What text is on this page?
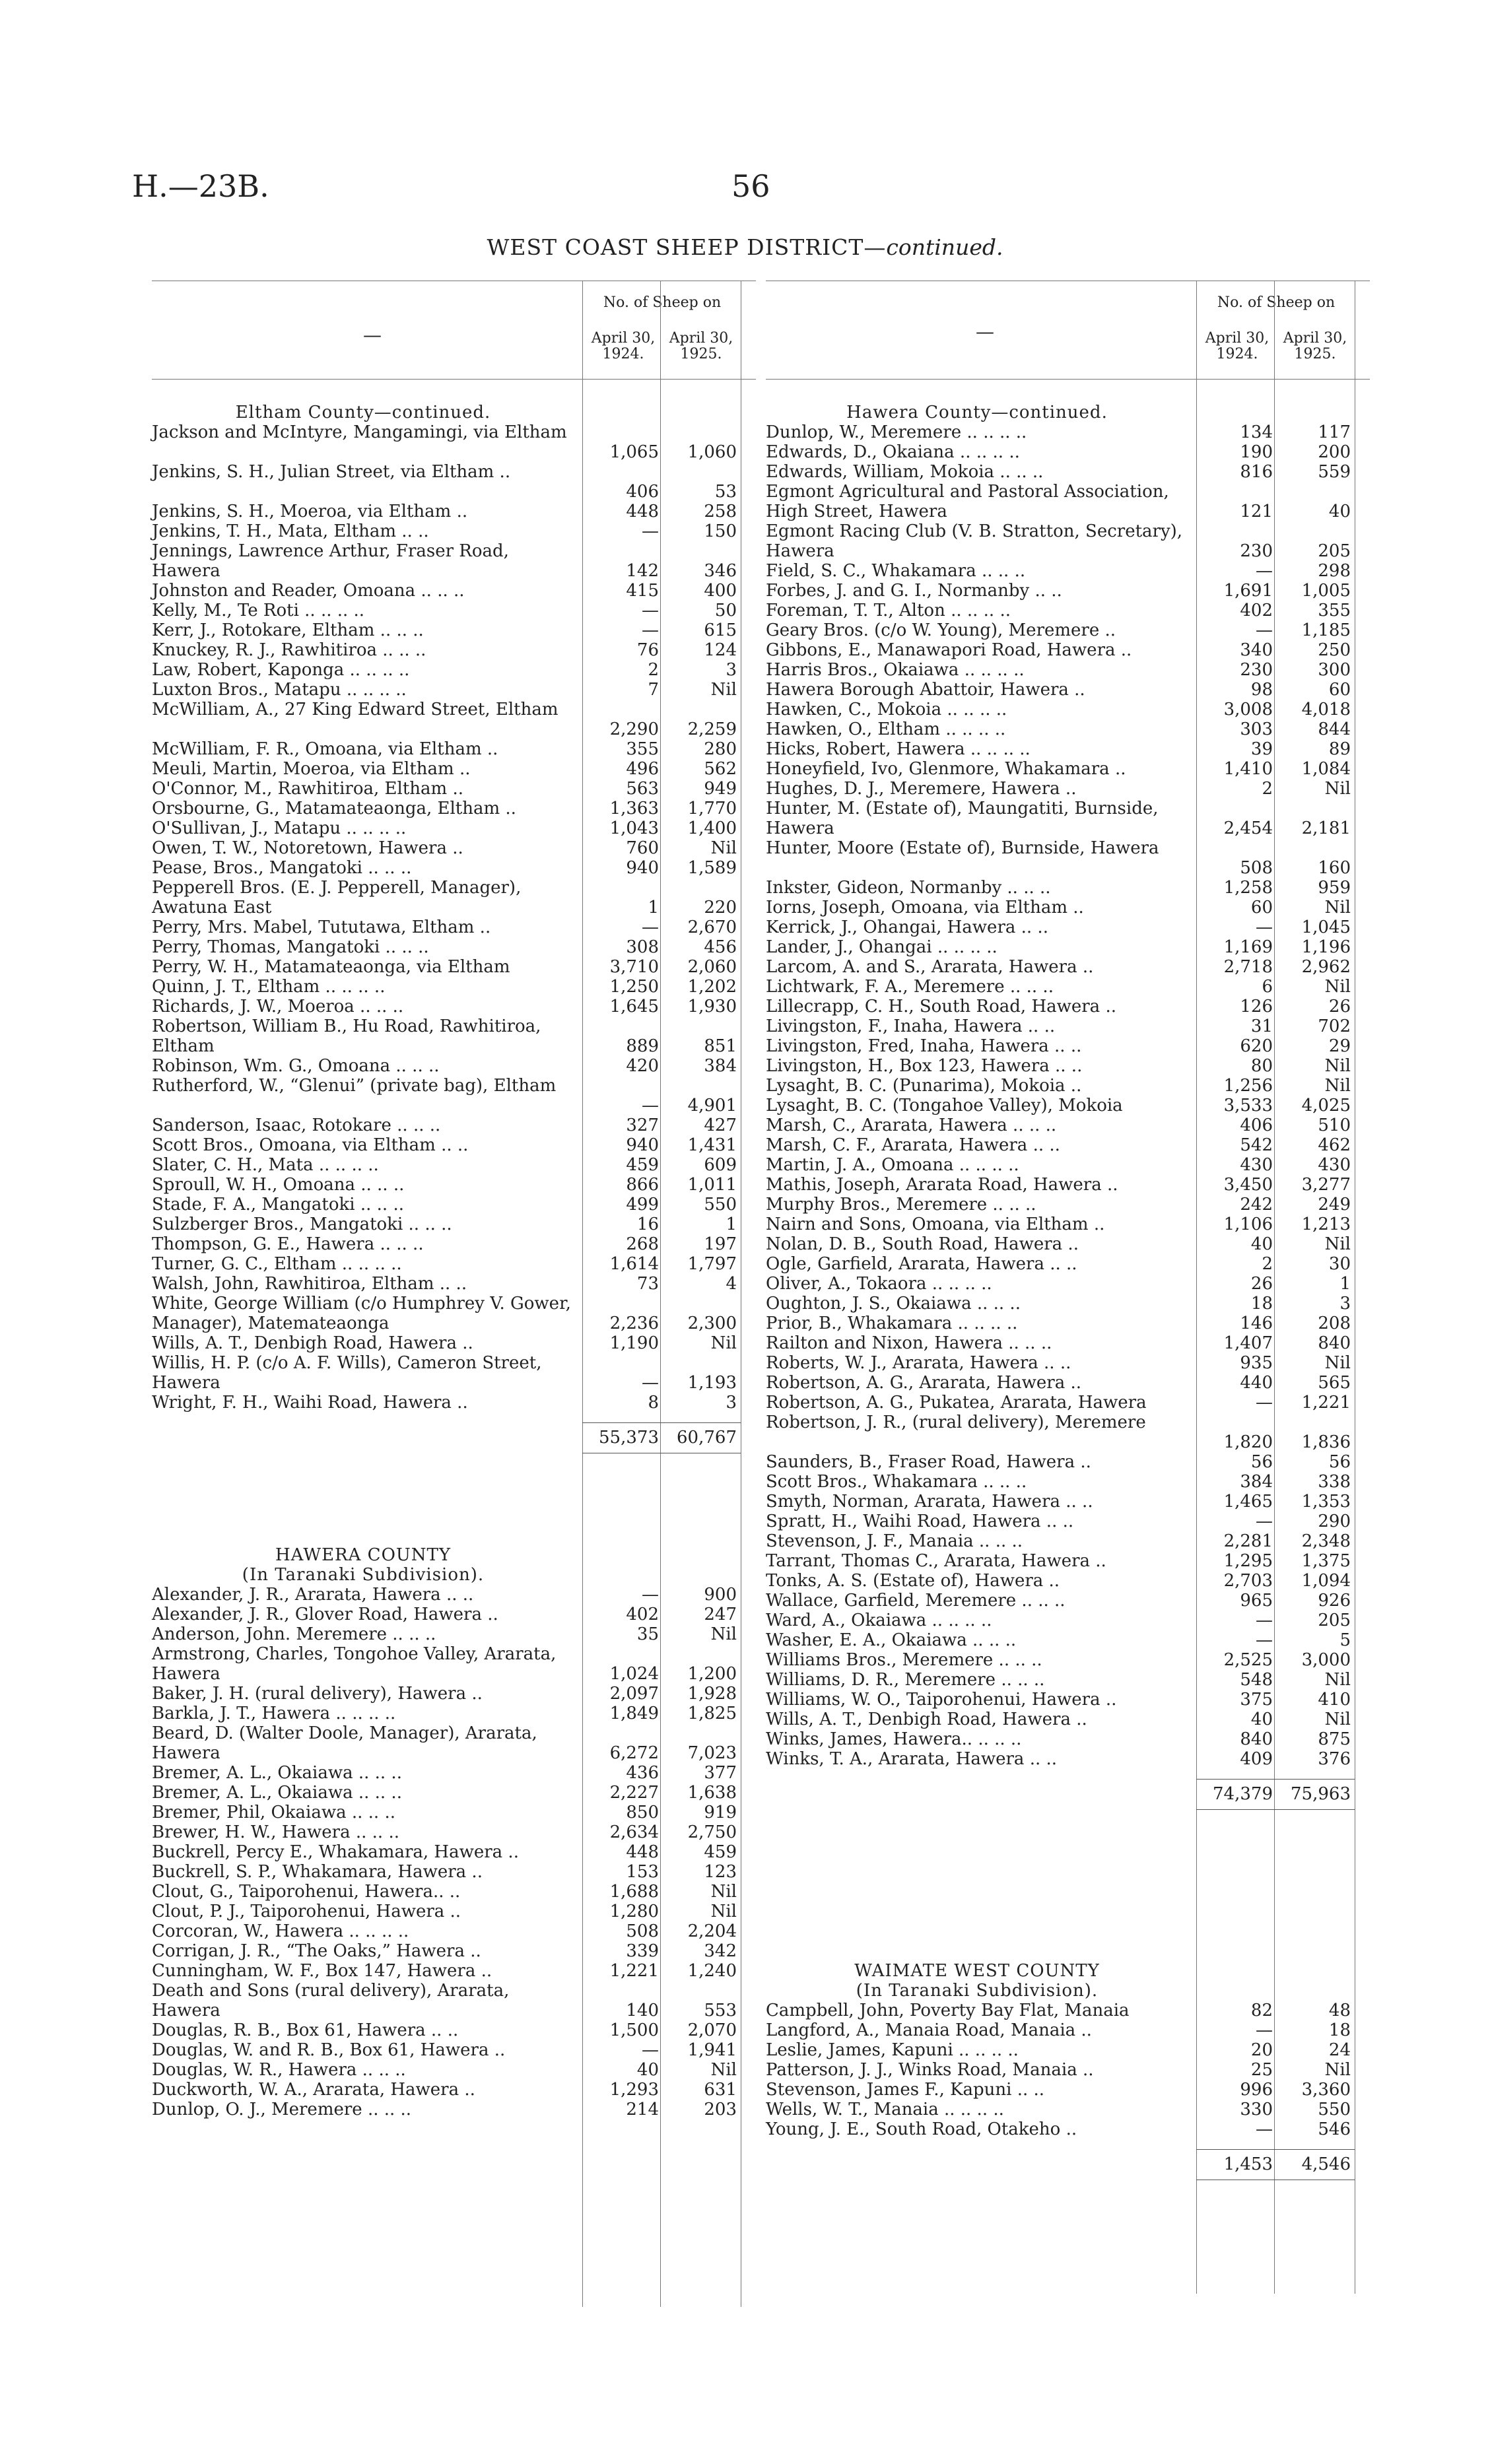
H.—23B.	56
WEST COAST SHEEP DISTRICT—continued.
—
No. of Sheep on
April 30, 1924.
April 30, 1925.
Eltham County—continued.
Jackson and McIntyre, Mangamingi, via Eltham
1,065	1,060
Jenkins, S. H., Julian Street, via Eltham ..
406	53
Jenkins, S. H., Moeroa, via Eltham ..	448	258
Jenkins, T. H., Mata, Eltham .. ..	—	150
Jennings, Lawrence Arthur, Fraser Road, Hawera	142	346
Johnston and Reader, Omoana .. .. ..	415	400
Kelly, M., Te Roti .. .. .. ..	—	50
Kerr, J., Rotokare, Eltham .. .. ..	—	615
Knuckey, R. J., Rawhitiroa .. .. ..	76	124
Law, Robert, Kaponga .. .. .. ..	2	3
Luxton Bros., Matapu .. .. .. ..	7	Nil
McWilliam, A., 27 King Edward Street, Eltham
2,290	2,259
McWilliam, F. R., Omoana, via Eltham ..	355	280
Meuli, Martin, Moeroa, via Eltham ..	496	562
O'Connor, M., Rawhitiroa, Eltham ..	563	949
Orsbourne, G., Matamateaonga, Eltham ..	1,363	1,770
O'Sullivan, J., Matapu .. .. .. ..	1,043	1,400
Owen, T. W., Notoretown, Hawera ..	760	Nil
Pease, Bros., Mangatoki .. .. ..	940	1,589
Pepperell Bros. (E. J. Pepperell, Manager), Awatuna East	1	220
Perry, Mrs. Mabel, Tututawa, Eltham ..	—	2,670
Perry, Thomas, Mangatoki .. .. ..	308	456
Perry, W. H., Matamateaonga, via Eltham	3,710	2,060
Quinn, J. T., Eltham .. .. .. ..	1,250	1,202
Richards, J. W., Moeroa .. .. ..	1,645	1,930
Robertson, William B., Hu Road, Rawhitiroa, Eltham	889	851
Robinson, Wm. G., Omoana .. .. ..	420	384
Rutherford, W., “Glenui” (private bag), Eltham
—	4,901
Sanderson, Isaac, Rotokare .. .. ..	327	427
Scott Bros., Omoana, via Eltham .. ..	940	1,431
Slater, C. H., Mata .. .. .. ..	459	609
Sproull, W. H., Omoana .. .. ..	866	1,011
Stade, F. A., Mangatoki .. .. ..	499	550
Sulzberger Bros., Mangatoki .. .. ..	16	1
Thompson, G. E., Hawera .. .. ..	268	197
Turner, G. C., Eltham .. .. .. ..	1,614	1,797
Walsh, John, Rawhitiroa, Eltham .. ..	73	4
White, George William (c/o Humphrey V. Gower, Manager), Matemateaonga	2,236	2,300
Wills, A. T., Denbigh Road, Hawera ..	1,190	Nil
Willis, H. P. (c/o A. F. Wills), Cameron Street, Hawera	—	1,193
Wright, F. H., Waihi Road, Hawera ..	8	3
55,373	60,767
HAWERA COUNTY
(In Taranaki Subdivision).
Alexander, J. R., Ararata, Hawera .. ..	—	900
Alexander, J. R., Glover Road, Hawera ..	402	247
Anderson, John. Meremere .. .. ..	35	Nil
Armstrong, Charles, Tongohoe Valley, Ararata, Hawera	1,024	1,200
Baker, J. H. (rural delivery), Hawera ..	2,097	1,928
Barkla, J. T., Hawera .. .. .. ..	1,849	1,825
Beard, D. (Walter Doole, Manager), Ararata, Hawera	6,272	7,023
Bremer, A. L., Okaiawa .. .. ..	436	377
Bremer, A. L., Okaiawa .. .. ..	2,227	1,638
Bremer, Phil, Okaiawa .. .. ..	850	919
Brewer, H. W., Hawera .. .. ..	2,634	2,750
Buckrell, Percy E., Whakamara, Hawera ..	448	459
Buckrell, S. P., Whakamara, Hawera ..	153	123
Clout, G., Taiporohenui, Hawera.. ..	1,688	Nil
Clout, P. J., Taiporohenui, Hawera ..	1,280	Nil
Corcoran, W., Hawera .. .. .. ..	508	2,204
Corrigan, J. R., “The Oaks,” Hawera ..	339	342
Cunningham, W. F., Box 147, Hawera ..	1,221	1,240
Death and Sons (rural delivery), Ararata, Hawera	140	553
Douglas, R. B., Box 61, Hawera .. ..	1,500	2,070
Douglas, W. and R. B., Box 61, Hawera ..	—	1,941
Douglas, W. R., Hawera .. .. ..	40	Nil
Duckworth, W. A., Ararata, Hawera ..	1,293	631
Dunlop, O. J., Meremere .. .. ..	214	203
—
No. of Sheep on
April 30, 1924.
April 30, 1925.
Hawera County—continued.
Dunlop, W., Meremere .. .. .. ..	134	117
Edwards, D., Okaiana .. .. .. ..	190	200
Edwards, William, Mokoia .. .. ..	816	559
Egmont Agricultural and Pastoral Association, High Street, Hawera	121	40
Egmont Racing Club (V. B. Stratton, Secretary), Hawera	230	205
Field, S. C., Whakamara .. .. ..	—	298
Forbes, J. and G. I., Normanby .. ..	1,691	1,005
Foreman, T. T., Alton .. .. .. ..	402	355
Geary Bros. (c/o W. Young), Meremere ..	—	1,185
Gibbons, E., Manawapori Road, Hawera ..	340	250
Harris Bros., Okaiawa .. .. .. ..	230	300
Hawera Borough Abattoir, Hawera ..	98	60
Hawken, C., Mokoia .. .. .. ..	3,008	4,018
Hawken, O., Eltham .. .. .. ..	303	844
Hicks, Robert, Hawera .. .. .. ..	39	89
Honeyfield, Ivo, Glenmore, Whakamara ..	1,410	1,084
Hughes, D. J., Meremere, Hawera ..	2	Nil
Hunter, M. (Estate of), Maungatiti, Burnside, Hawera	2,454	2,181
Hunter, Moore (Estate of), Burnside, Hawera
508	160
Inkster, Gideon, Normanby .. .. ..	1,258	959
Iorns, Joseph, Omoana, via Eltham ..	60	Nil
Kerrick, J., Ohangai, Hawera .. ..	—	1,045
Lander, J., Ohangai .. .. .. ..	1,169	1,196
Larcom, A. and S., Ararata, Hawera ..	2,718	2,962
Lichtwark, F. A., Meremere .. .. ..	6	Nil
Lillecrapp, C. H., South Road, Hawera ..	126	26
Livingston, F., Inaha, Hawera .. ..	31	702
Livingston, Fred, Inaha, Hawera .. ..	620	29
Livingston, H., Box 123, Hawera .. ..	80	Nil
Lysaght, B. C. (Punarima), Mokoia ..	1,256	Nil
Lysaght, B. C. (Tongahoe Valley), Mokoia	3,533	4,025
Marsh, C., Ararata, Hawera .. .. ..	406	510
Marsh, C. F., Ararata, Hawera .. ..	542	462
Martin, J. A., Omoana .. .. .. ..	430	430
Mathis, Joseph, Ararata Road, Hawera ..	3,450	3,277
Murphy Bros., Meremere .. .. ..	242	249
Nairn and Sons, Omoana, via Eltham ..	1,106	1,213
Nolan, D. B., South Road, Hawera ..	40	Nil
Ogle, Garfield, Ararata, Hawera .. ..	2	30
Oliver, A., Tokaora .. .. .. ..	26	1
Oughton, J. S., Okaiawa .. .. ..	18	3
Prior, B., Whakamara .. .. .. ..	146	208
Railton and Nixon, Hawera .. .. ..	1,407	840
Roberts, W. J., Ararata, Hawera .. ..	935	Nil
Robertson, A. G., Ararata, Hawera ..	440	565
Robertson, A. G., Pukatea, Ararata, Hawera	—	1,221
Robertson, J. R., (rural delivery), Meremere
1,820	1,836
Saunders, B., Fraser Road, Hawera ..	56	56
Scott Bros., Whakamara .. .. ..	384	338
Smyth, Norman, Ararata, Hawera .. ..	1,465	1,353
Spratt, H., Waihi Road, Hawera .. ..	—	290
Stevenson, J. F., Manaia .. .. ..	2,281	2,348
Tarrant, Thomas C., Ararata, Hawera ..	1,295	1,375
Tonks, A. S. (Estate of), Hawera ..	2,703	1,094
Wallace, Garfield, Meremere .. .. ..	965	926
Ward, A., Okaiawa .. .. .. ..	—	205
Washer, E. A., Okaiawa .. .. ..	—	5
Williams Bros., Meremere .. .. ..	2,525	3,000
Williams, D. R., Meremere .. .. ..	548	Nil
Williams, W. O., Taiporohenui, Hawera ..	375	410
Wills, A. T., Denbigh Road, Hawera ..	40	Nil
Winks, James, Hawera.. .. .. ..	840	875
Winks, T. A., Ararata, Hawera .. ..	409	376
74,379	75,963
WAIMATE WEST COUNTY
(In Taranaki Subdivision).
Campbell, John, Poverty Bay Flat, Manaia	82	48
Langford, A., Manaia Road, Manaia ..	—	18
Leslie, James, Kapuni .. .. .. ..	20	24
Patterson, J. J., Winks Road, Manaia ..	25	Nil
Stevenson, James F., Kapuni .. ..	996	3,360
Wells, W. T., Manaia .. .. .. ..	330	550
Young, J. E., South Road, Otakeho ..	—	546
1,453	4,546
